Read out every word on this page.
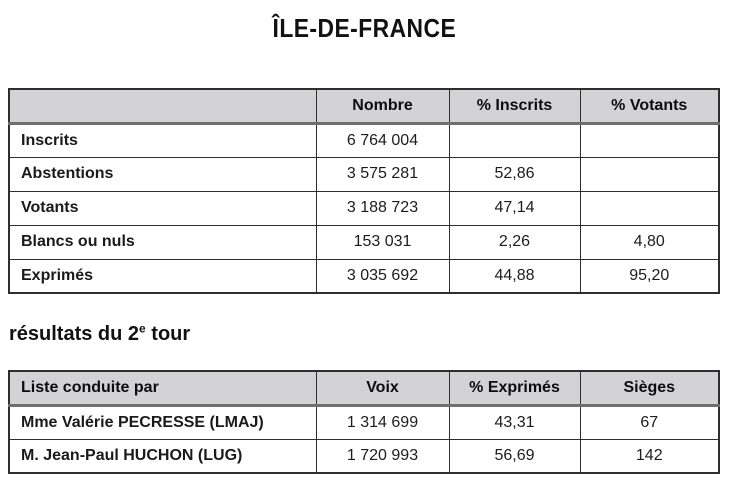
ÎLE-DE-FRANCE
	Nombre	% Inscrits	% Votants
Inscrits	6 764 004		
Abstentions	3 575 281	52,86	
Votants	3 188 723	47,14	
Blancs ou nuls	153 031	2,26	4,80
Exprimés	3 035 692	44,88	95,20
résultats du 2e tour
Liste conduite par	Voix	% Exprimés	Sièges
Mme Valérie PECRESSE (LMAJ)	1 314 699	43,31	67
M. Jean-Paul HUCHON (LUG)	1 720 993	56,69	142
